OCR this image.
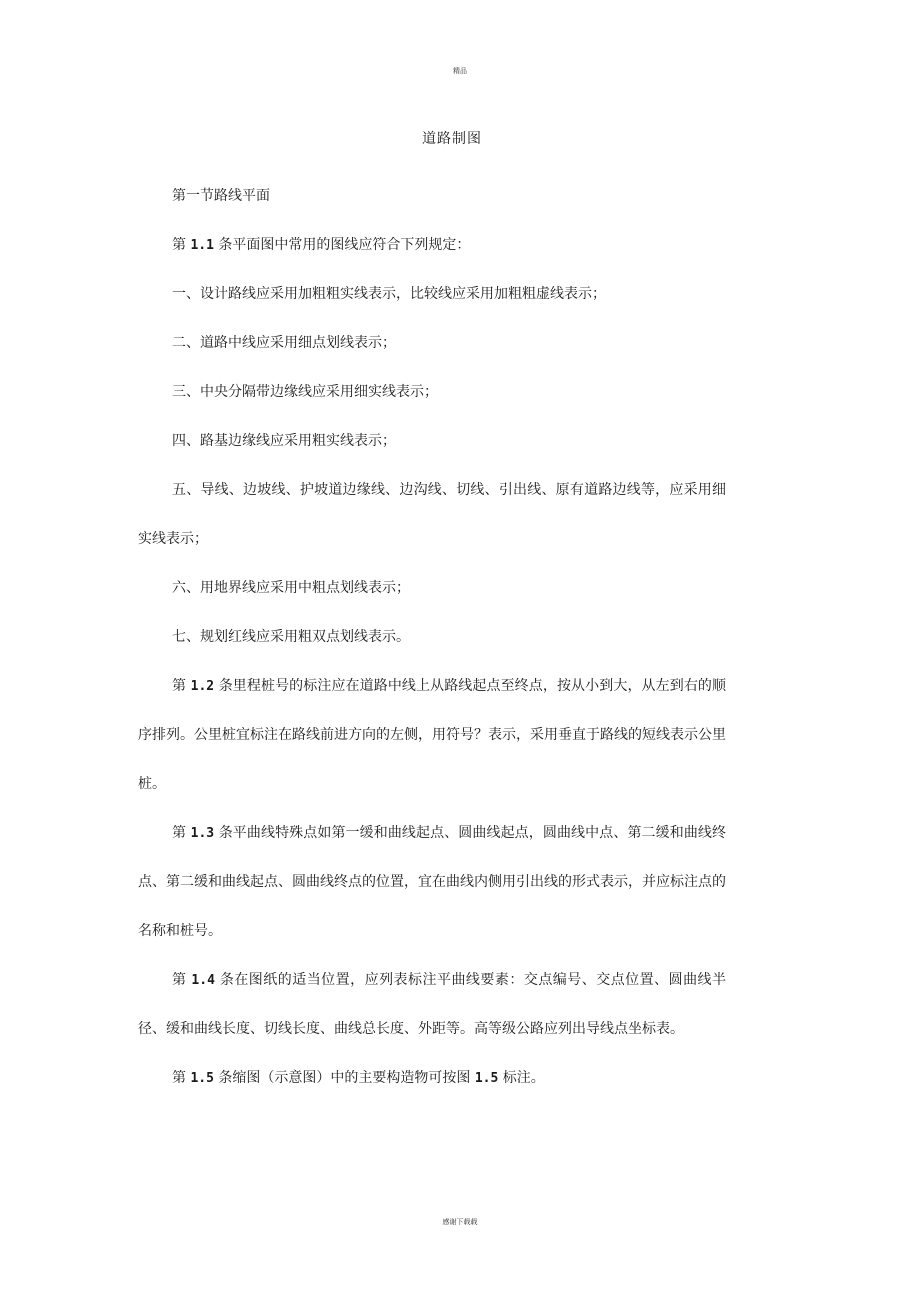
精品
道路制图

第一节路线平面

第 1.1 条平面图中常用的图线应符合下列规定：

一、设计路线应采用加粗粗实线表示，比较线应采用加粗粗虚线表示；

二、道路中线应采用细点划线表示；

三、中央分隔带边缘线应采用细实线表示；

四、路基边缘线应采用粗实线表示；

五、导线、边坡线、护坡道边缘线、边沟线、切线、引出线、原有道路边线等，应采用细实线表示；

六、用地界线应采用中粗点划线表示；

七、规划红线应采用粗双点划线表示。

第 1.2 条里程桩号的标注应在道路中线上从路线起点至终点，按从小到大，从左到右的顺序排列。公里桩宜标注在路线前进方向的左侧，用符号？表示，采用垂直于路线的短线表示公里桩。

第 1.3 条平曲线特殊点如第一缓和曲线起点、圆曲线起点，圆曲线中点、第二缓和曲线终点、第二缓和曲线起点、圆曲线终点的位置，宜在曲线内侧用引出线的形式表示，并应标注点的名称和桩号。

第 1.4 条在图纸的适当位置，应列表标注平曲线要素：交点编号、交点位置、圆曲线半径、缓和曲线长度、切线长度、曲线总长度、外距等。高等级公路应列出导线点坐标表。

第 1.5 条缩图（示意图）中的主要构造物可按图 1.5 标注。

感谢下载载
